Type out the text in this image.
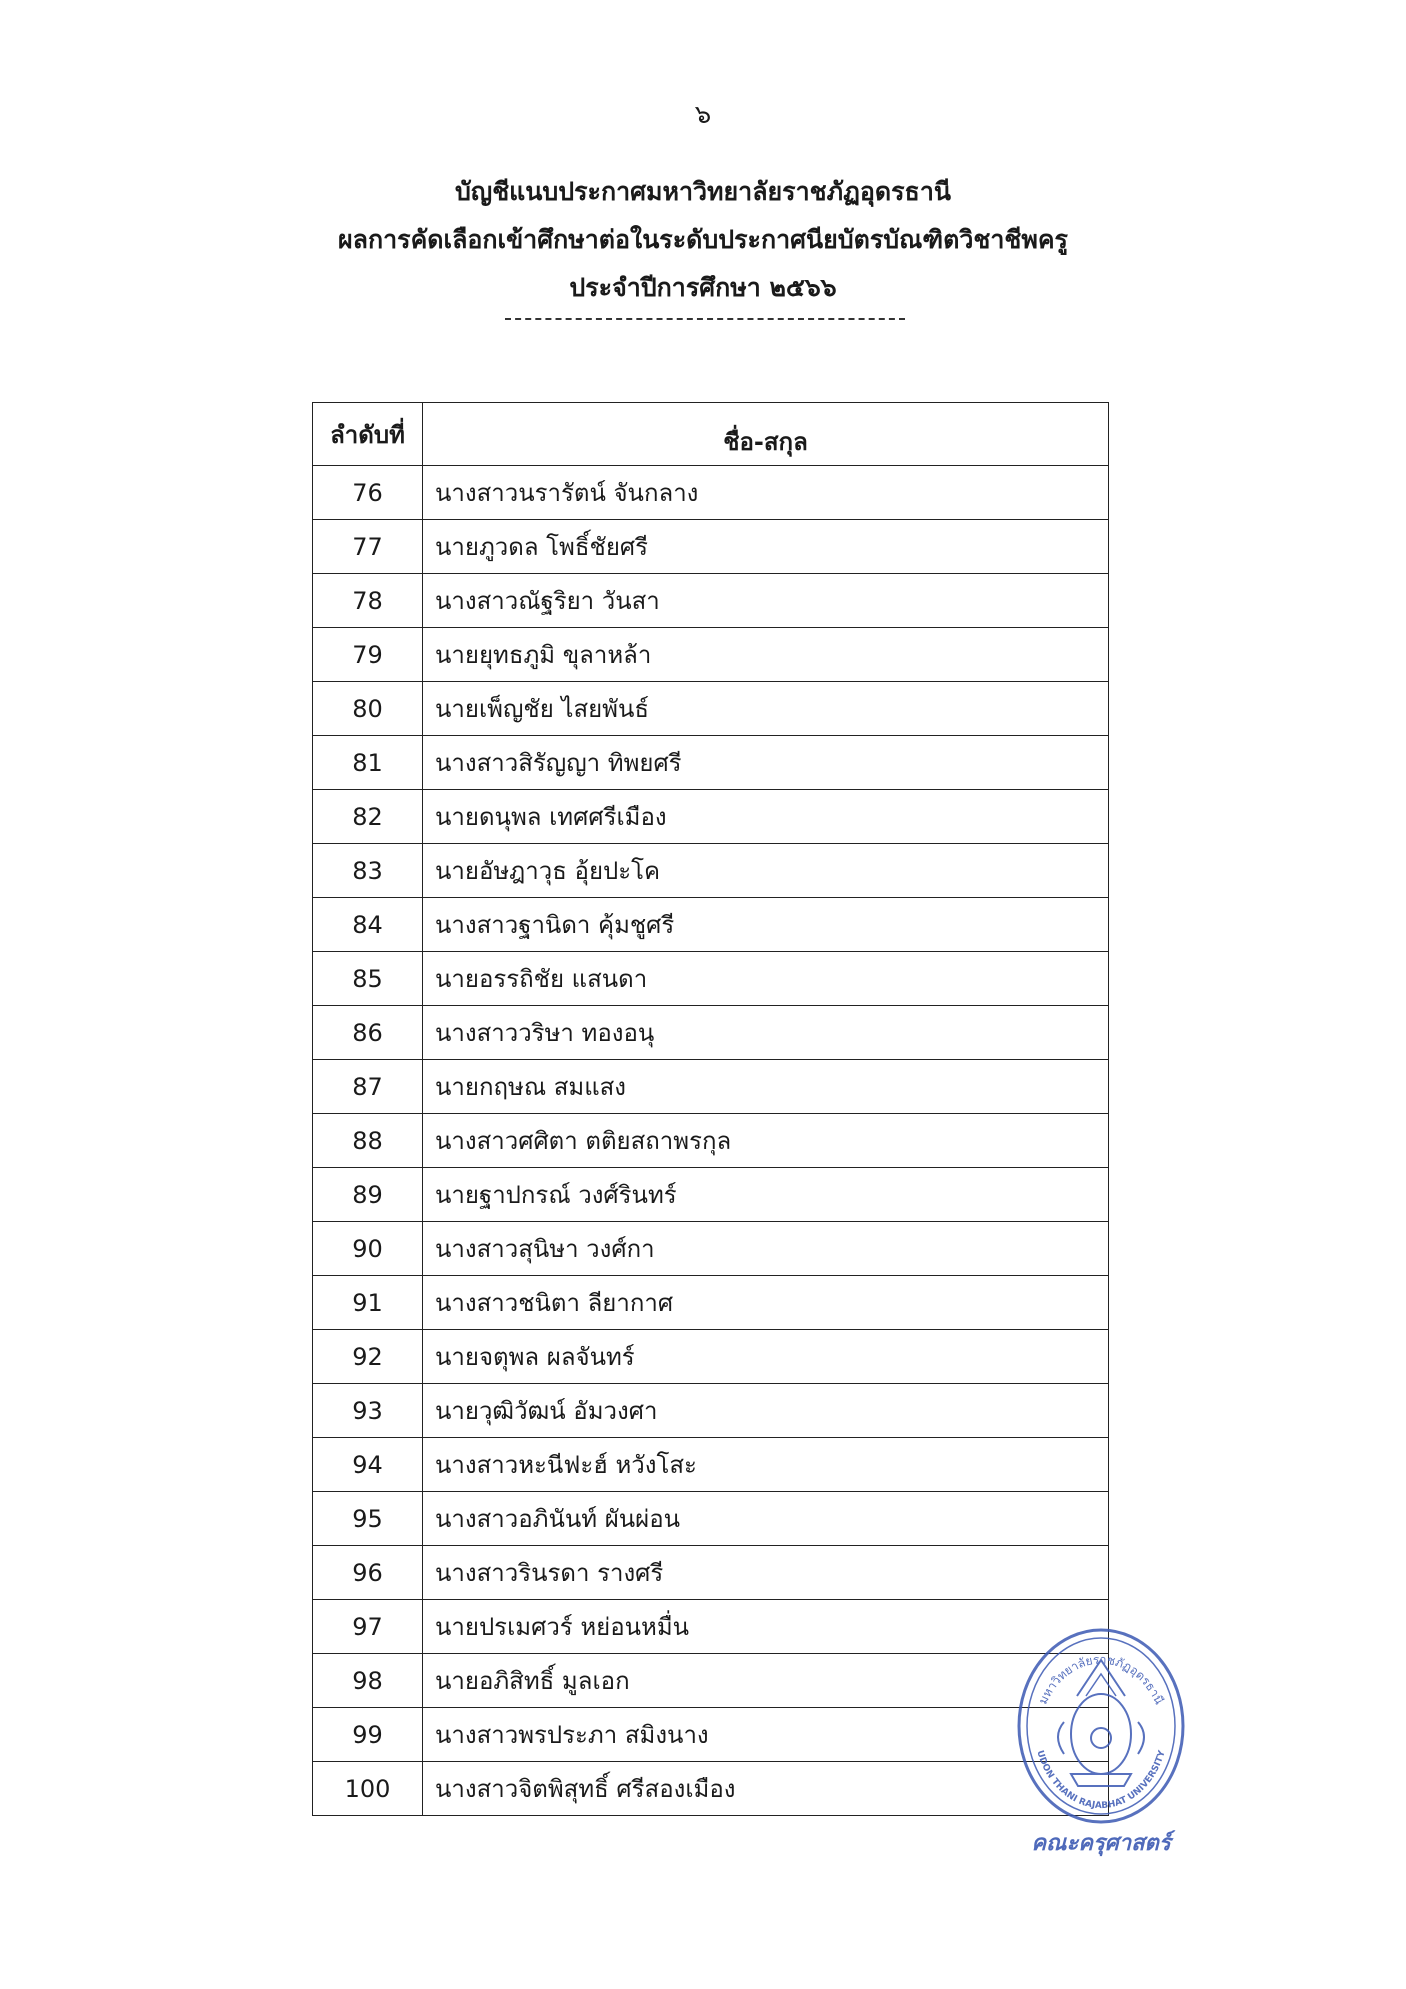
๖
บัญชีแนบประกาศมหาวิทยาลัยราชภัฏอุดรธานี
ผลการคัดเลือกเข้าศึกษาต่อในระดับประกาศนียบัตรบัณฑิตวิชาชีพครู
ประจำปีการศึกษา ๒๕๖๖
ลำดับที่	ชื่อ-สกุล
76	นางสาวนรารัตน์ จันกลาง
77	นายภูวดล โพธิ์ชัยศรี
78	นางสาวณัฐริยา วันสา
79	นายยุทธภูมิ ขุลาหล้า
80	นายเพ็ญชัย ไสยพันธ์
81	นางสาวสิรัญญา ทิพยศรี
82	นายดนุพล เทศศรีเมือง
83	นายอัษฎาวุธ อุ้ยปะโค
84	นางสาวฐานิดา คุ้มชูศรี
85	นายอรรถิชัย แสนดา
86	นางสาววริษา ทองอนุ
87	นายกฤษณ สมแสง
88	นางสาวศศิตา ตติยสถาพรกุล
89	นายฐาปกรณ์ วงศ์รินทร์
90	นางสาวสุนิษา วงศ์กา
91	นางสาวชนิตา ลียากาศ
92	นายจตุพล ผลจันทร์
93	นายวุฒิวัฒน์ อัมวงศา
94	นางสาวหะนีฟะฮ์ หวังโสะ
95	นางสาวอภินันท์ ผันผ่อน
96	นางสาวรินรดา รางศรี
97	นายปรเมศวร์ หย่อนหมื่น
98	นายอภิสิทธิ์ มูลเอก
99	นางสาวพรประภา สมิงนาง
100	นางสาวจิตพิสุทธิ์ ศรีสองเมือง
มหาวิทยาลัยราชภัฏอุดรธานี
UDON THANI RAJABHAT UNIVERSITY
คณะครุศาสตร์
